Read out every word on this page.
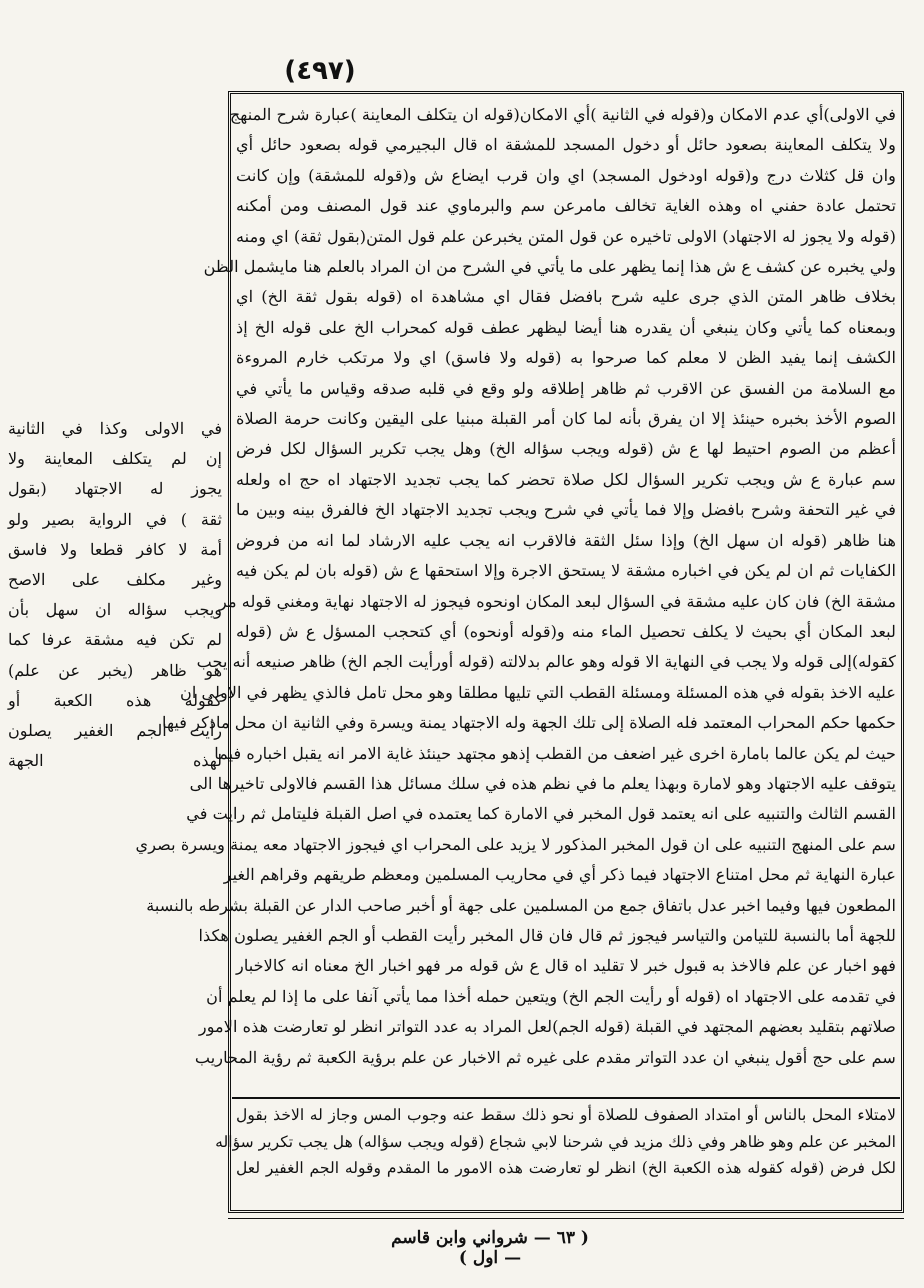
(٤٩٧)

في الاولى)أي عدم الامكان و(قوله في الثانية )أي الامكان(قوله ان يتكلف المعاينة )عبارة شرح المنهج

ولا يتكلف المعاينة بصعود حائل أو دخول المسجد للمشقة اه قال البجيرمي قوله بصعود حائل أي

وان قل كثلاث درج و(قوله اودخول المسجد) اي وان قرب ايضاع ش و(قوله للمشقة) وإن كانت

تحتمل عادة حفني اه وهذه الغاية تخالف مامرعن سم والبرماوي عند قول المصنف ومن أمكنه

(قوله ولا يجوز له الاجتهاد) الاولى تاخيره عن قول المتن يخبرعن علم قول المتن(بقول ثقة) اي ومنه

ولي يخبره عن كشف ع ش هذا إنما يظهر على ما يأتي في الشرح من ان المراد بالعلم هنا مايشمل الظن

بخلاف ظاهر المتن الذي جرى عليه شرح بافضل فقال اي مشاهدة اه (قوله بقول ثقة الخ) اي

وبمعناه كما يأتي وكان ينبغي أن يقدره هنا أيضا ليظهر عطف قوله كمحراب الخ على قوله الخ إذ

الكشف إنما يفيد الظن لا معلم كما صرحوا به (قوله ولا فاسق) اي ولا مرتكب خارم المروءة

مع السلامة من الفسق عن الاقرب ثم ظاهر إطلاقه ولو وقع في قلبه صدقه وقياس ما يأتي في

الصوم الأخذ بخبره حينئذ إلا ان يفرق بأنه لما كان أمر القبلة مبنيا على اليقين وكانت حرمة الصلاة

أعظم من الصوم احتيط لها ع ش (قوله ويجب سؤاله الخ) وهل يجب تكرير السؤال لكل فرض

سم عبارة ع ش ويجب تكرير السؤال لكل صلاة تحضر كما يجب تجديد الاجتهاد اه حج اه ولعله

في غير التحفة وشرح بافضل وإلا فما يأتي في شرح ويجب تجديد الاجتهاد الخ فالفرق بينه وبين ما

هنا ظاهر (قوله ان سهل الخ) وإذا سئل الثقة فالاقرب انه يجب عليه الارشاد لما انه من فروض

الكفايات ثم ان لم يكن في اخباره مشقة لا يستحق الاجرة وإلا استحقها ع ش (قوله بان لم يكن فيه

مشقة الخ) فان كان عليه مشقة في السؤال لبعد المكان اونحوه فيجوز له الاجتهاد نهاية ومغني قوله مر

لبعد المكان أي بحيث لا يكلف تحصيل الماء منه و(قوله أونحوه) أي كتحجب المسؤل ع ش (قوله

كقوله)إلى قوله ولا يجب في النهاية الا قوله وهو عالم بدلالته (قوله أورأيت الجم الخ) ظاهر صنيعه أنه يجب

عليه الاخذ بقوله في هذه المسئلة ومسئلة القطب التي تليها مطلقا وهو محل تامل فالذي يظهر في الاولى ان

حكمها حكم المحراب المعتمد فله الصلاة إلى تلك الجهة وله الاجتهاد يمنة ويسرة وفي الثانية ان محل ماذكر فيها

حيث لم يكن عالما بامارة اخرى غير اضعف من القطب إذهو مجتهد حينئذ غاية الامر انه يقبل اخباره فيما

يتوقف عليه الاجتهاد وهو لامارة وبهذا يعلم ما في نظم هذه في سلك مسائل هذا القسم فالاولى تاخيرها الى

القسم الثالث والتنبيه على انه يعتمد قول المخبر في الامارة كما يعتمده في اصل القبلة فليتامل ثم رايت في

سم على المنهج التنبيه على ان قول المخبر المذكور لا يزيد على المحراب اي فيجوز الاجتهاد معه يمنة ويسرة بصري

عبارة النهاية ثم محل امتناع الاجتهاد فيما ذكر أي في محاريب المسلمين ومعظم طريقهم وقراهم الغير

المطعون فيها وفيما اخبر عدل باتفاق جمع من المسلمين على جهة أو أخبر صاحب الدار عن القبلة بشرطه بالنسبة

للجهة أما بالنسبة للتيامن والتياسر فيجوز ثم قال فان قال المخبر رأيت القطب أو الجم الغفير يصلون هكذا

فهو اخبار عن علم فالاخذ به قبول خبر لا تقليد اه قال ع ش قوله مر فهو اخبار الخ معناه انه كالاخبار

في تقدمه على الاجتهاد اه (قوله أو رأيت الجم الخ) ويتعين حمله أخذا مما يأتي آنفا على ما إذا لم يعلم أن

صلاتهم بتقليد بعضهم المجتهد في القبلة (قوله الجم)لعل المراد به عدد التواتر انظر لو تعارضت هذه الامور

سم على حج أقول ينبغي ان عدد التواتر مقدم على غيره ثم الاخبار عن علم برؤية الكعبة ثم رؤية المحاريب

لامتلاء المحل بالناس أو امتداد الصفوف للصلاة أو نحو ذلك سقط عنه وجوب المس وجاز له الاخذ بقول

المخبر عن علم وهو ظاهر وفي ذلك مزيد في شرحنا لابي شجاع (قوله ويجب سؤاله) هل يجب تكرير سؤاله

لكل فرض (قوله كقوله هذه الكعبة الخ) انظر لو تعارضت هذه الامور ما المقدم وقوله الجم الغفير لعل

في الاولى وكذا في الثانية

إن لم يتكلف المعاينة ولا

يجوز له الاجتهاد (بقول

ثقة ) في الرواية بصير ولو

أمة لا كافر قطعا ولا فاسق

وغير مكلف على الاصح

ويجب سؤاله ان سهل بأن

لم تكن فيه مشقة عرفا كما

هو ظاهر (يخبر عن علم)

كقوله هذه الكعبة أو

رأيت الجم الغفير يصلون

لهذه الجهة

( ٦٣ — شرواني وابن قاسم — اول )
